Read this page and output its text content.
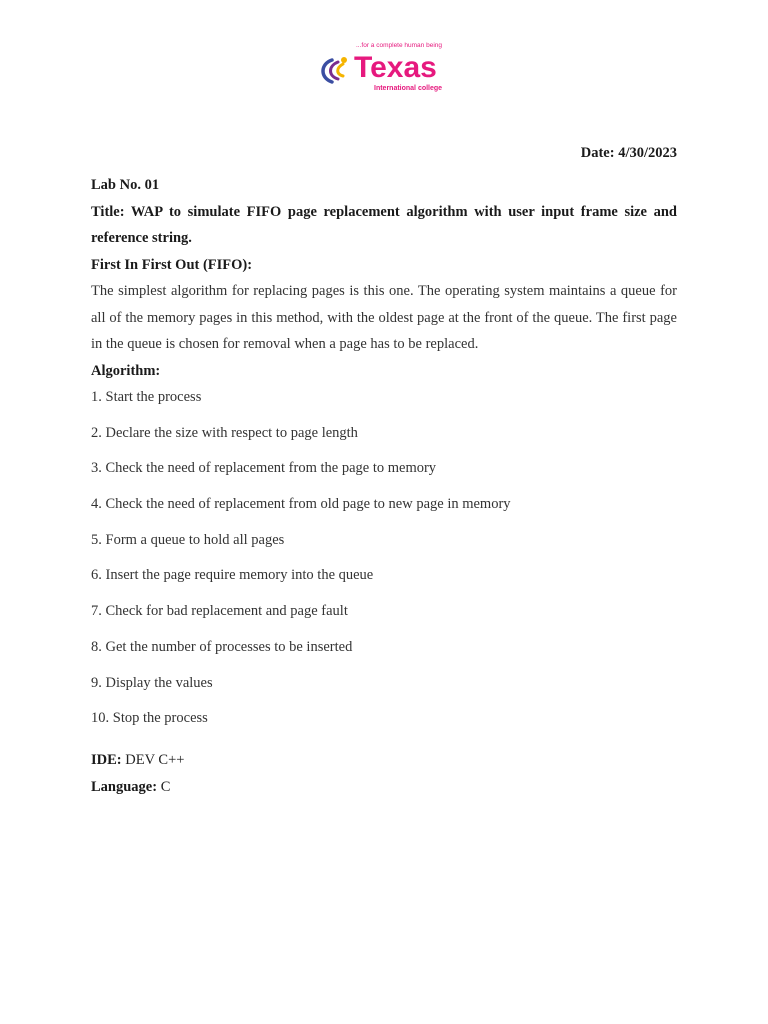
...for a complete human being
Texas
International college
Date: 4/30/2023
Lab No. 01
Title: WAP to simulate FIFO page replacement algorithm with user input frame size and reference string.
First In First Out (FIFO):
The simplest algorithm for replacing pages is this one. The operating system maintains a queue for all of the memory pages in this method, with the oldest page at the front of the queue. The first page in the queue is chosen for removal when a page has to be replaced.
Algorithm:
1. Start the process
2. Declare the size with respect to page length
3. Check the need of replacement from the page to memory
4. Check the need of replacement from old page to new page in memory
5. Form a queue to hold all pages
6. Insert the page require memory into the queue
7. Check for bad replacement and page fault
8. Get the number of processes to be inserted
9. Display the values
10. Stop the process
IDE: DEV C++
Language: C
